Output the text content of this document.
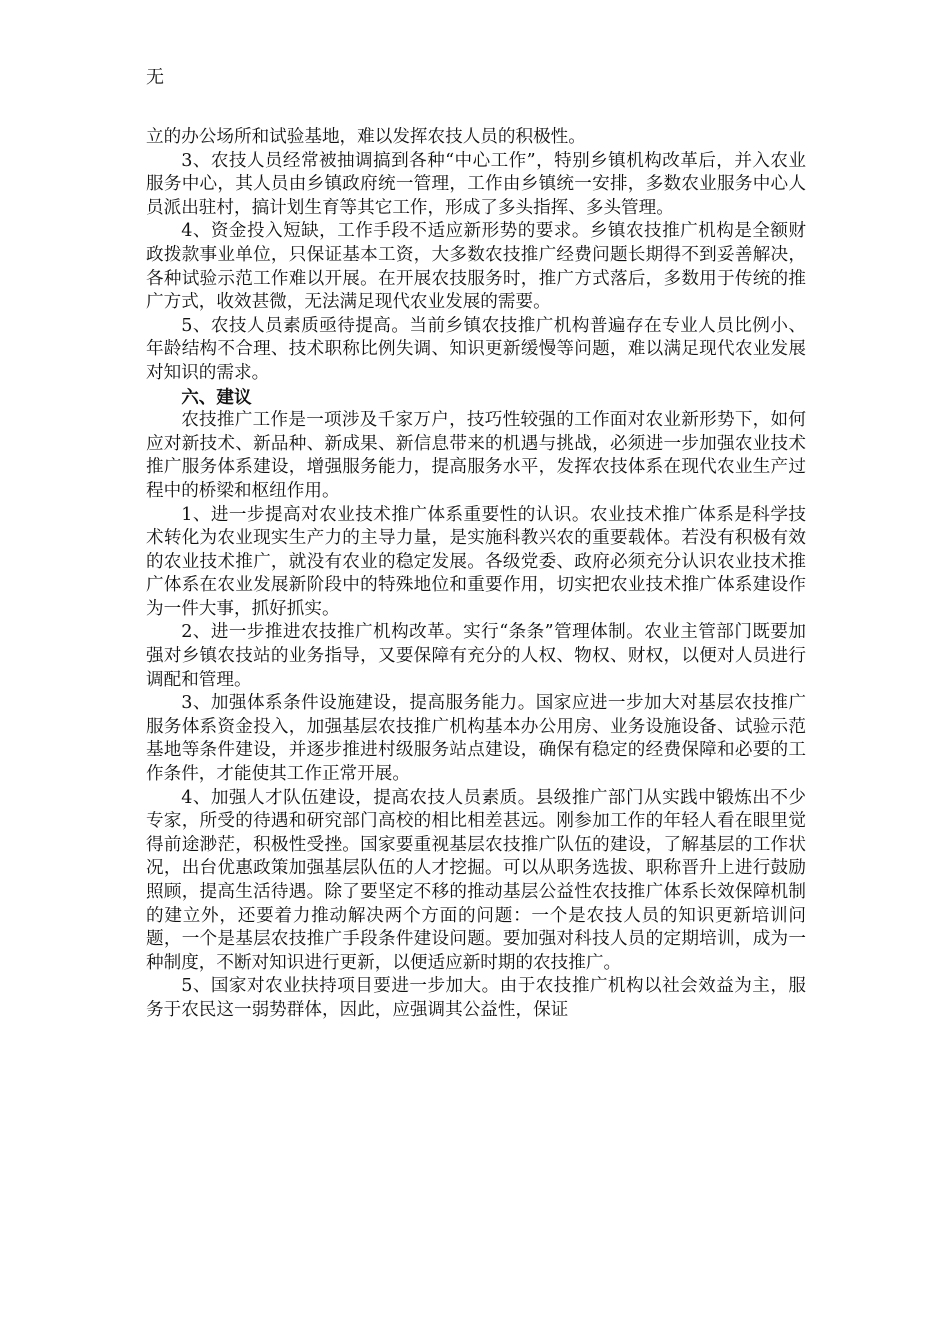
无

立的办公场所和试验基地，难以发挥农技人员的积极性。

3、农技人员经常被抽调搞到各种“中心工作”，特别乡镇机构改革后，并入农业服务中心，其人员由乡镇政府统一管理，工作由乡镇统一安排，多数农业服务中心人员派出驻村，搞计划生育等其它工作，形成了多头指挥、多头管理。

4、资金投入短缺，工作手段不适应新形势的要求。乡镇农技推广机构是全额财政拨款事业单位，只保证基本工资，大多数农技推广经费问题长期得不到妥善解决，各种试验示范工作难以开展。在开展农技服务时，推广方式落后，多数用于传统的推广方式，收效甚微，无法满足现代农业发展的需要。

5、农技人员素质亟待提高。当前乡镇农技推广机构普遍存在专业人员比例小、年龄结构不合理、技术职称比例失调、知识更新缓慢等问题，难以满足现代农业发展对知识的需求。

六、建议

农技推广工作是一项涉及千家万户，技巧性较强的工作面对农业新形势下，如何应对新技术、新品种、新成果、新信息带来的机遇与挑战，必须进一步加强农业技术推广服务体系建设，增强服务能力，提高服务水平，发挥农技体系在现代农业生产过程中的桥梁和枢纽作用。

1、进一步提高对农业技术推广体系重要性的认识。农业技术推广体系是科学技术转化为农业现实生产力的主导力量，是实施科教兴农的重要载体。若没有积极有效的农业技术推广，就没有农业的稳定发展。各级党委、政府必须充分认识农业技术推广体系在农业发展新阶段中的特殊地位和重要作用，切实把农业技术推广体系建设作为一件大事，抓好抓实。

2、进一步推进农技推广机构改革。实行“条条”管理体制。农业主管部门既要加强对乡镇农技站的业务指导，又要保障有充分的人权、物权、财权，以便对人员进行调配和管理。

3、加强体系条件设施建设，提高服务能力。国家应进一步加大对基层农技推广服务体系资金投入，加强基层农技推广机构基本办公用房、业务设施设备、试验示范基地等条件建设，并逐步推进村级服务站点建设，确保有稳定的经费保障和必要的工作条件，才能使其工作正常开展。

4、加强人才队伍建设，提高农技人员素质。县级推广部门从实践中锻炼出不少专家，所受的待遇和研究部门高校的相比相差甚远。刚参加工作的年轻人看在眼里觉得前途渺茫，积极性受挫。国家要重视基层农技推广队伍的建设，了解基层的工作状况，出台优惠政策加强基层队伍的人才挖掘。可以从职务选拔、职称晋升上进行鼓励照顾，提高生活待遇。除了要坚定不移的推动基层公益性农技推广体系长效保障机制的建立外，还要着力推动解决两个方面的问题：一个是农技人员的知识更新培训问题，一个是基层农技推广手段条件建设问题。要加强对科技人员的定期培训，成为一种制度，不断对知识进行更新，以便适应新时期的农技推广。

5、国家对农业扶持项目要进一步加大。由于农技推广机构以社会效益为主，服务于农民这一弱势群体，因此，应强调其公益性，保证
